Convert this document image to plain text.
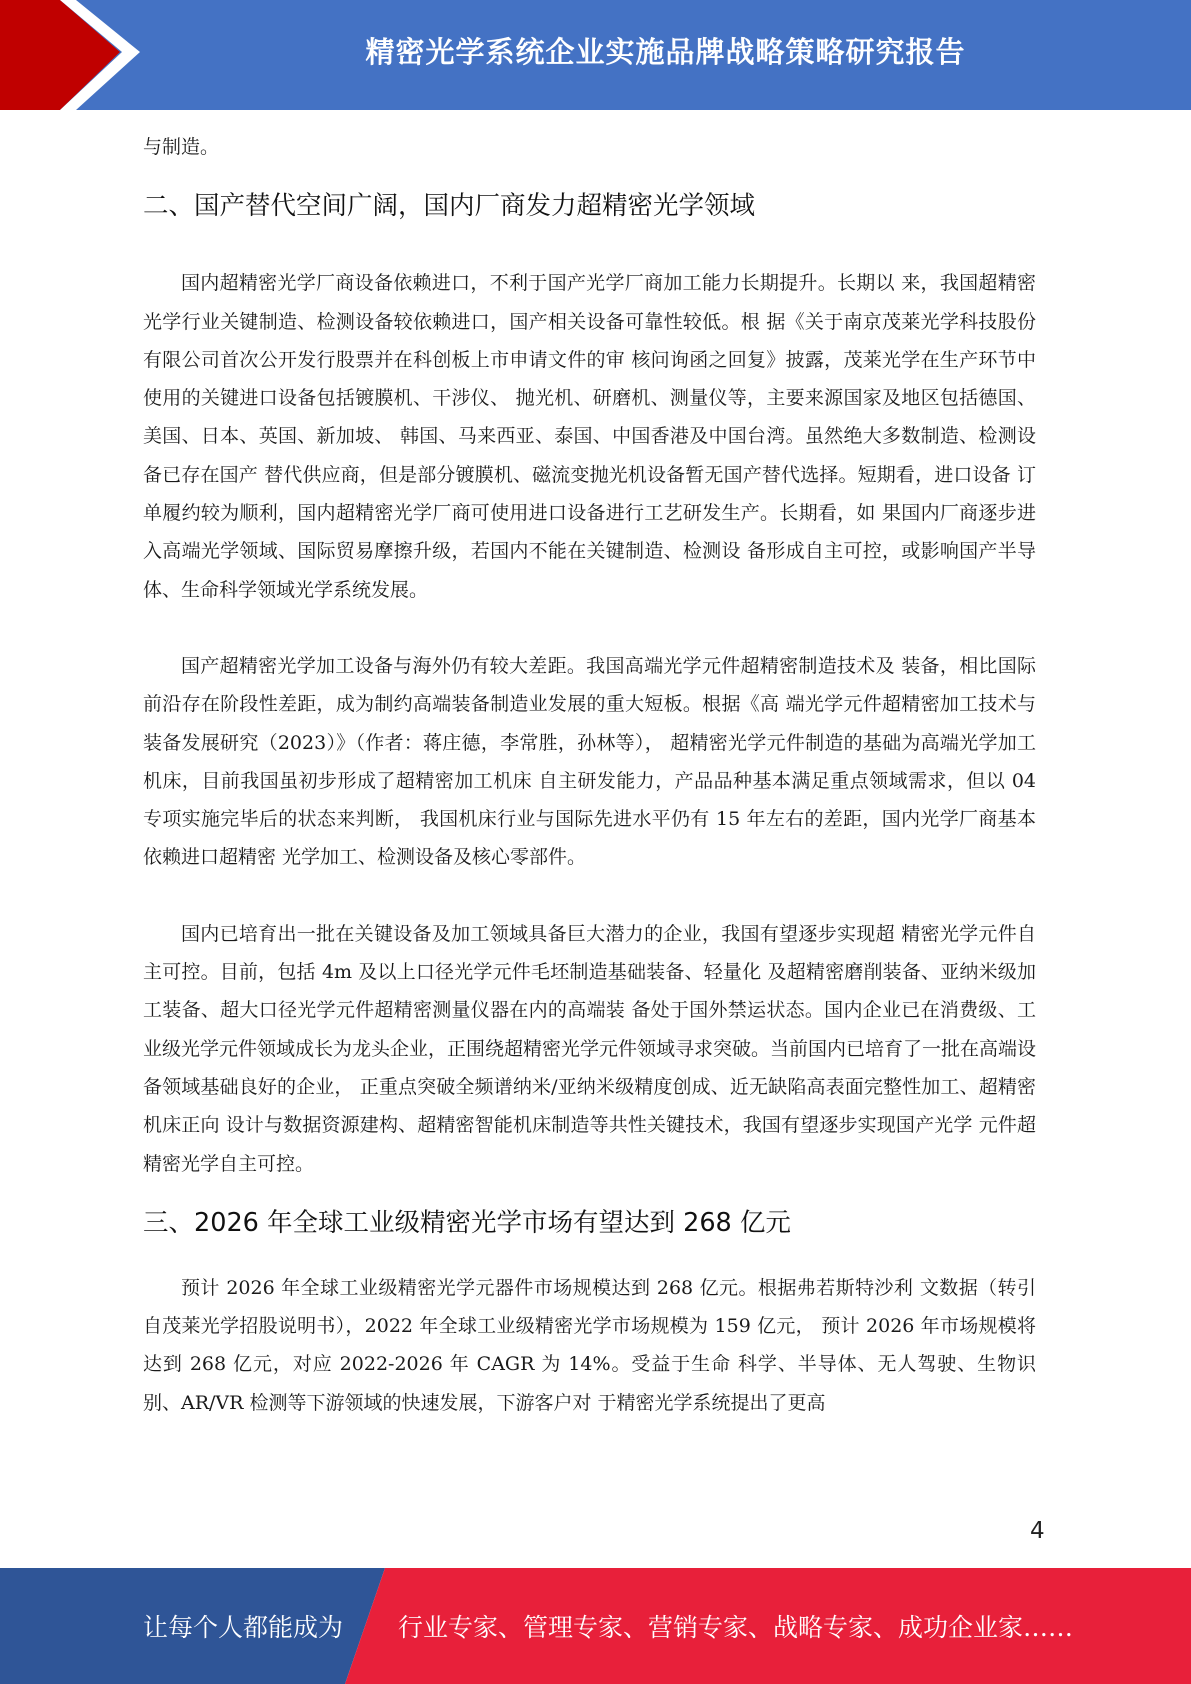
精密光学系统企业实施品牌战略策略研究报告

与制造。

二、国产替代空间广阔，国内厂商发力超精密光学领域

国内超精密光学厂商设备依赖进口，不利于国产光学厂商加工能力长期提升。长期以 来，我国超精密光学行业关键制造、检测设备较依赖进口，国产相关设备可靠性较低。根 据《关于南京茂莱光学科技股份有限公司首次公开发行股票并在科创板上市申请文件的审 核问询函之回复》披露，茂莱光学在生产环节中使用的关键进口设备包括镀膜机、干涉仪、 抛光机、研磨机、测量仪等，主要来源国家及地区包括德国、美国、日本、英国、新加坡、 韩国、马来西亚、泰国、中国香港及中国台湾。虽然绝大多数制造、检测设备已存在国产 替代供应商，但是部分镀膜机、磁流变抛光机设备暂无国产替代选择。短期看，进口设备 订单履约较为顺利，国内超精密光学厂商可使用进口设备进行工艺研发生产。长期看，如 果国内厂商逐步进入高端光学领域、国际贸易摩擦升级，若国内不能在关键制造、检测设 备形成自主可控，或影响国产半导体、生命科学领域光学系统发展。

国产超精密光学加工设备与海外仍有较大差距。我国高端光学元件超精密制造技术及 装备，相比国际前沿存在阶段性差距，成为制约高端装备制造业发展的重大短板。根据《高 端光学元件超精密加工技术与装备发展研究（2023）》（作者：蒋庄德，李常胜，孙林等）， 超精密光学元件制造的基础为高端光学加工机床，目前我国虽初步形成了超精密加工机床 自主研发能力，产品品种基本满足重点领域需求，但以 04 专项实施完毕后的状态来判断， 我国机床行业与国际先进水平仍有 15 年左右的差距，国内光学厂商基本依赖进口超精密 光学加工、检测设备及核心零部件。

国内已培育出一批在关键设备及加工领域具备巨大潜力的企业，我国有望逐步实现超 精密光学元件自主可控。目前，包括 4m 及以上口径光学元件毛坯制造基础装备、轻量化 及超精密磨削装备、亚纳米级加工装备、超大口径光学元件超精密测量仪器在内的高端装 备处于国外禁运状态。国内企业已在消费级、工业级光学元件领域成长为龙头企业，正围绕超精密光学元件领域寻求突破。当前国内已培育了一批在高端设备领域基础良好的企业， 正重点突破全频谱纳米/亚纳米级精度创成、近无缺陷高表面完整性加工、超精密机床正向 设计与数据资源建构、超精密智能机床制造等共性关键技术，我国有望逐步实现国产光学 元件超精密光学自主可控。

三、2026 年全球工业级精密光学市场有望达到 268 亿元

预计 2026 年全球工业级精密光学元器件市场规模达到 268 亿元。根据弗若斯特沙利 文数据（转引自茂莱光学招股说明书），2022 年全球工业级精密光学市场规模为 159 亿元， 预计 2026 年市场规模将达到 268 亿元，对应 2022-2026 年 CAGR 为 14%。受益于生命 科学、半导体、无人驾驶、生物识别、AR/VR 检测等下游领域的快速发展，下游客户对 于精密光学系统提出了更高

4
让每个人都能成为 行业专家、管理专家、营销专家、战略专家、成功企业家……
